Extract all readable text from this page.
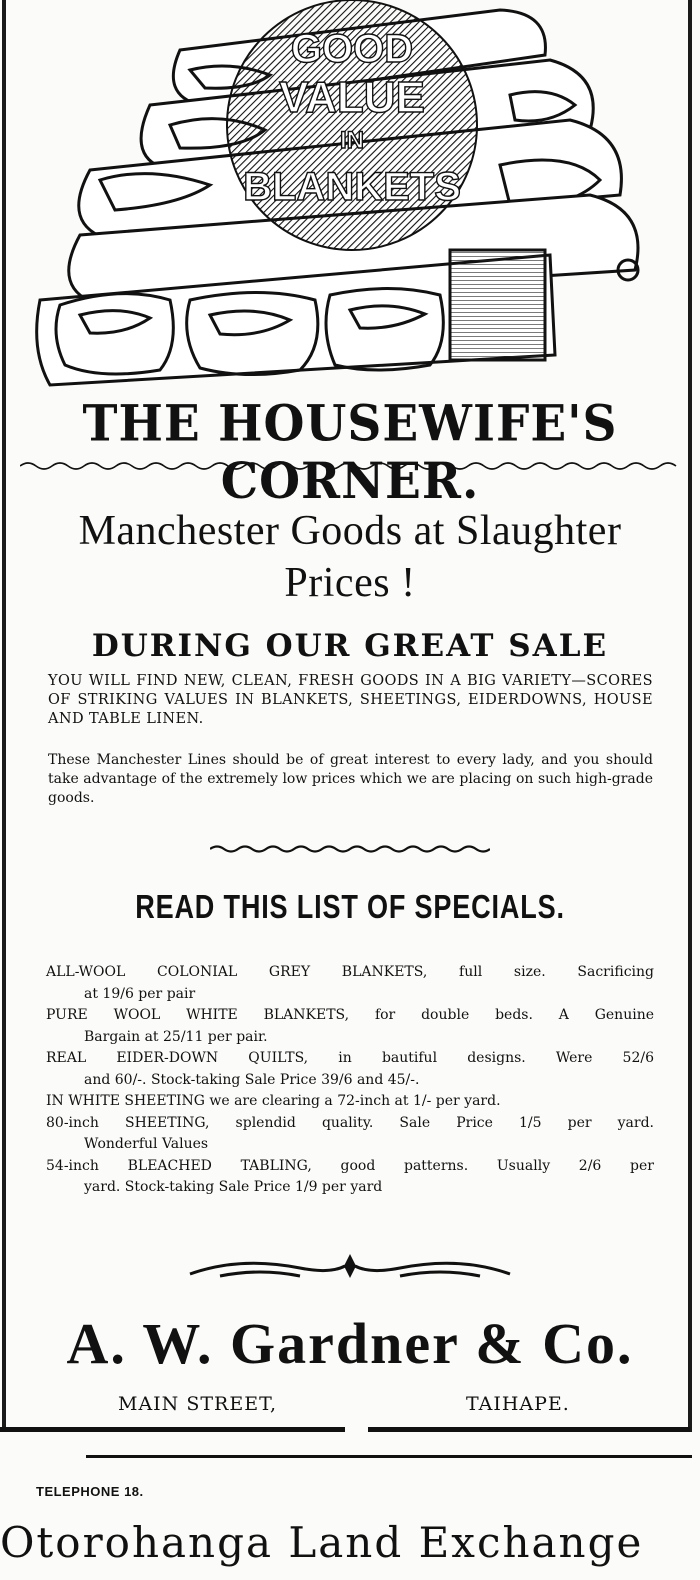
GOOD
VALUE
IN
BLANKETS
THE HOUSEWIFE'S CORNER.
Manchester Goods at Slaughter
Prices !
DURING OUR GREAT SALE
YOU WILL FIND NEW, CLEAN, FRESH GOODS IN A BIG VARIETY—SCORES OF STRIKING VALUES IN BLANKETS, SHEETINGS, EIDERDOWNS, HOUSE AND TABLE LINEN.
These Manchester Lines should be of great interest to every lady, and you should take advantage of the extremely low prices which we are placing on such high-grade goods.
READ THIS LIST OF SPECIALS.
ALL-WOOL COLONIAL GREY BLANKETS, full size. Sacrificing
at 19/6 per pair
PURE WOOL WHITE BLANKETS, for double beds. A Genuine
Bargain at 25/11 per pair.
REAL EIDER-DOWN QUILTS, in bautiful designs. Were 52/6
and 60/-. Stock-taking Sale Price 39/6 and 45/-.
IN WHITE SHEETING we are clearing a 72-inch at 1/- per yard.
80-inch SHEETING, splendid quality. Sale Price 1/5 per yard.
Wonderful Values
54-inch BLEACHED TABLING, good patterns. Usually 2/6 per
yard. Stock-taking Sale Price 1/9 per yard
A. W. Gardner & Co.
MAIN STREET,	TAIHAPE.
TELEPHONE 18.
Otorohanga Land Exchange
